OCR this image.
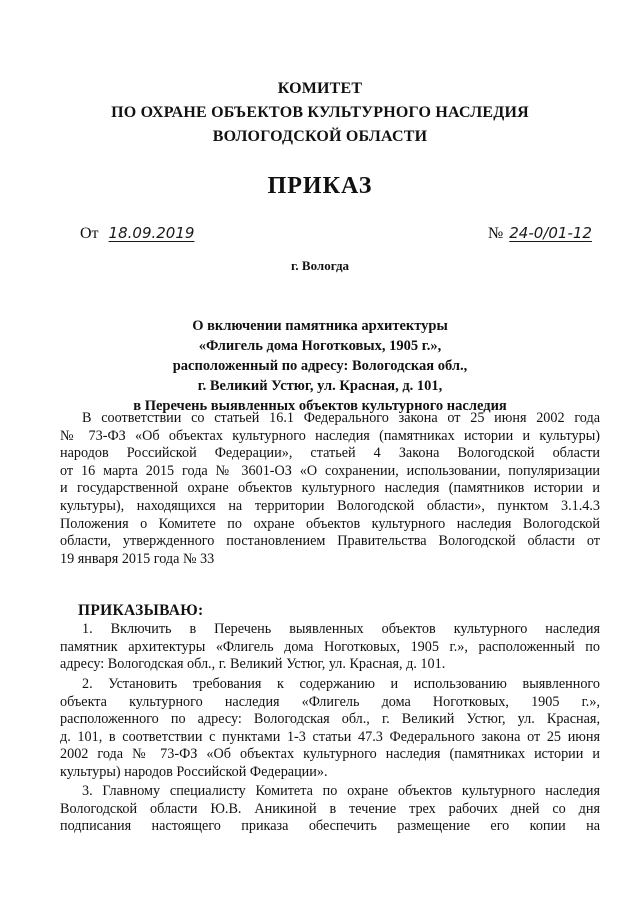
КОМИТЕТ
ПО ОХРАНЕ ОБЪЕКТОВ КУЛЬТУРНОГО НАСЛЕДИЯ
ВОЛОГОДСКОЙ ОБЛАСТИ
ПРИКАЗ
От 18.09.2019	№ 24-0/01-12
г. Вологда
О включении памятника архитектуры
«Флигель дома Ноготковых, 1905 г.»,
расположенный по адресу: Вологодская обл.,
г. Великий Устюг, ул. Красная, д. 101,
в Перечень выявленных объектов культурного наследия
В соответствии со статьей 16.1 Федерального закона от 25 июня 2002 года
№ 73-ФЗ «Об объектах культурного наследия (памятниках истории и культуры)
народов Российской Федерации», статьей 4 Закона Вологодской области
от 16 марта 2015 года № 3601-ОЗ «О сохранении, использовании, популяризации
и государственной охране объектов культурного наследия (памятников истории и
культуры), находящихся на территории Вологодской области», пунктом 3.1.4.3
Положения о Комитете по охране объектов культурного наследия Вологодской
области, утвержденного постановлением Правительства Вологодской области от
19 января 2015 года № 33
ПРИКАЗЫВАЮ:
1. Включить в Перечень выявленных объектов культурного наследия
памятник архитектуры «Флигель дома Ноготковых, 1905 г.», расположенный по
адресу: Вологодская обл., г. Великий Устюг, ул. Красная, д. 101.
2. Установить требования к содержанию и использованию выявленного
объекта культурного наследия «Флигель дома Ноготковых, 1905 г.»,
расположенного по адресу: Вологодская обл., г. Великий Устюг, ул. Красная,
д. 101, в соответствии с пунктами 1-3 статьи 47.3 Федерального закона от 25 июня
2002 года № 73-ФЗ «Об объектах культурного наследия (памятниках истории и
культуры) народов Российской Федерации».
3. Главному специалисту Комитета по охране объектов культурного наследия
Вологодской области Ю.В. Аникиной в течение трех рабочих дней со дня
подписания настоящего приказа обеспечить размещение его копии на
